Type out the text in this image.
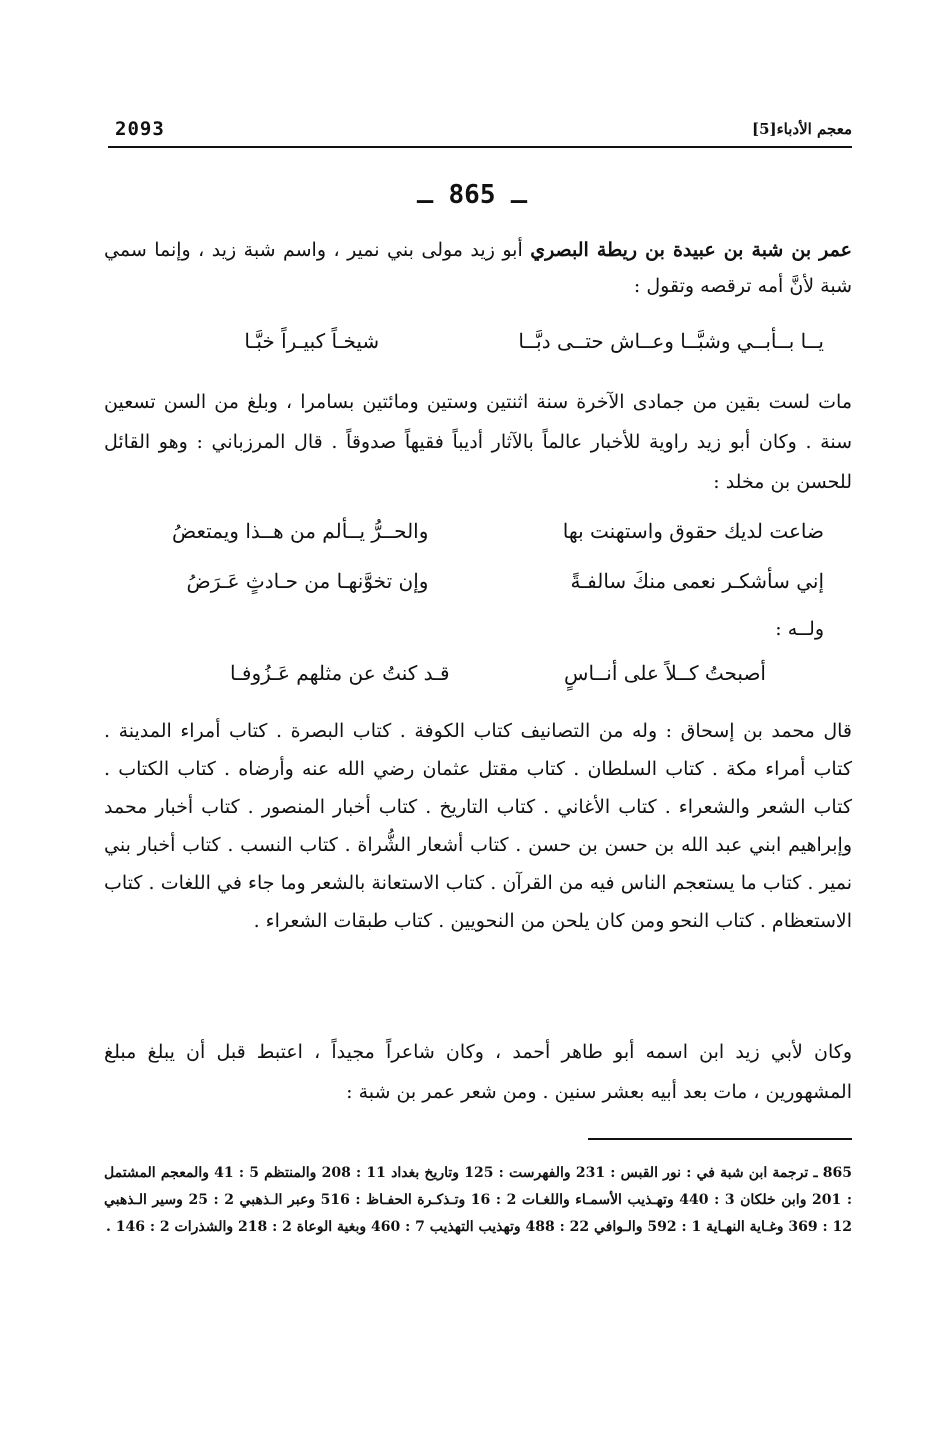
2093	معجم الأدباء[5]
ـ 865 ـ
عمر بن شبة بن عبيدة بن ريطة البصري أبو زيد مولى بني نمير ، واسم شبة زيد ، وإنما سمي شبة لأنَّ أمه ترقصه وتقول :
يــا بــأبــي وشبَّــا وعــاش حتــى دبَّــا
شيخـاً كبيـراً خبَّـا
مات لست بقين من جمادى الآخرة سنة اثنتين وستين ومائتين بسامرا ، وبلغ من السن تسعين سنة . وكان أبو زيد راوية للأخبار عالماً بالآثار أديباً فقيهاً صدوقاً . قال المرزباني : وهو القائل للحسن بن مخلد :
ضاعت لديك حقوق واستهنت بها
والحــرُّ يــألم من هــذا ويمتعضُ
إني سأشكـر نعمى منكَ سالفـةً
وإن تخوَّنهـا من حـادثٍ عَـرَضُ
ولــه :
أصبحتُ كــلاً على أنــاسٍ
قـد كنتُ عن مثلهم عَـزُوفـا
قال محمد بن إسحاق : وله من التصانيف كتاب الكوفة . كتاب البصرة . كتاب أمراء المدينة . كتاب أمراء مكة . كتاب السلطان . كتاب مقتل عثمان رضي الله عنه وأرضاه . كتاب الكتاب . كتاب الشعر والشعراء . كتاب الأغاني . كتاب التاريخ . كتاب أخبار المنصور . كتاب أخبار محمد وإبراهيم ابني عبد الله بن حسن بن حسن . كتاب أشعار الشُّراة . كتاب النسب . كتاب أخبار بني نمير . كتاب ما يستعجم الناس فيه من القرآن . كتاب الاستعانة بالشعر وما جاء في اللغات . كتاب الاستعظام . كتاب النحو ومن كان يلحن من النحويين . كتاب طبقات الشعراء .
وكان لأبي زيد ابن اسمه أبو طاهر أحمد ، وكان شاعراً مجيداً ، اعتبط قبل أن يبلغ مبلغ المشهورين ، مات بعد أبيه بعشر سنين . ومن شعر عمر بن شبة :
865 ـ ترجمة ابن شبة في : نور القبس : 231 والفهرست : 125 وتاريخ بغداد 11 : 208 والمنتظم 5 : 41 والمعجم المشتمل : 201 وابن خلكان 3 : 440 وتهـذيب الأسمـاء واللغـات 2 : 16 وتـذكـرة الحفـاظ : 516 وعبر الـذهبي 2 : 25 وسير الـذهبي 12 : 369 وغـاية النهـاية 1 : 592 والـوافي 22 : 488 وتهذيب التهذيب 7 : 460 وبغية الوعاة 2 : 218 والشذرات 2 : 146 .
